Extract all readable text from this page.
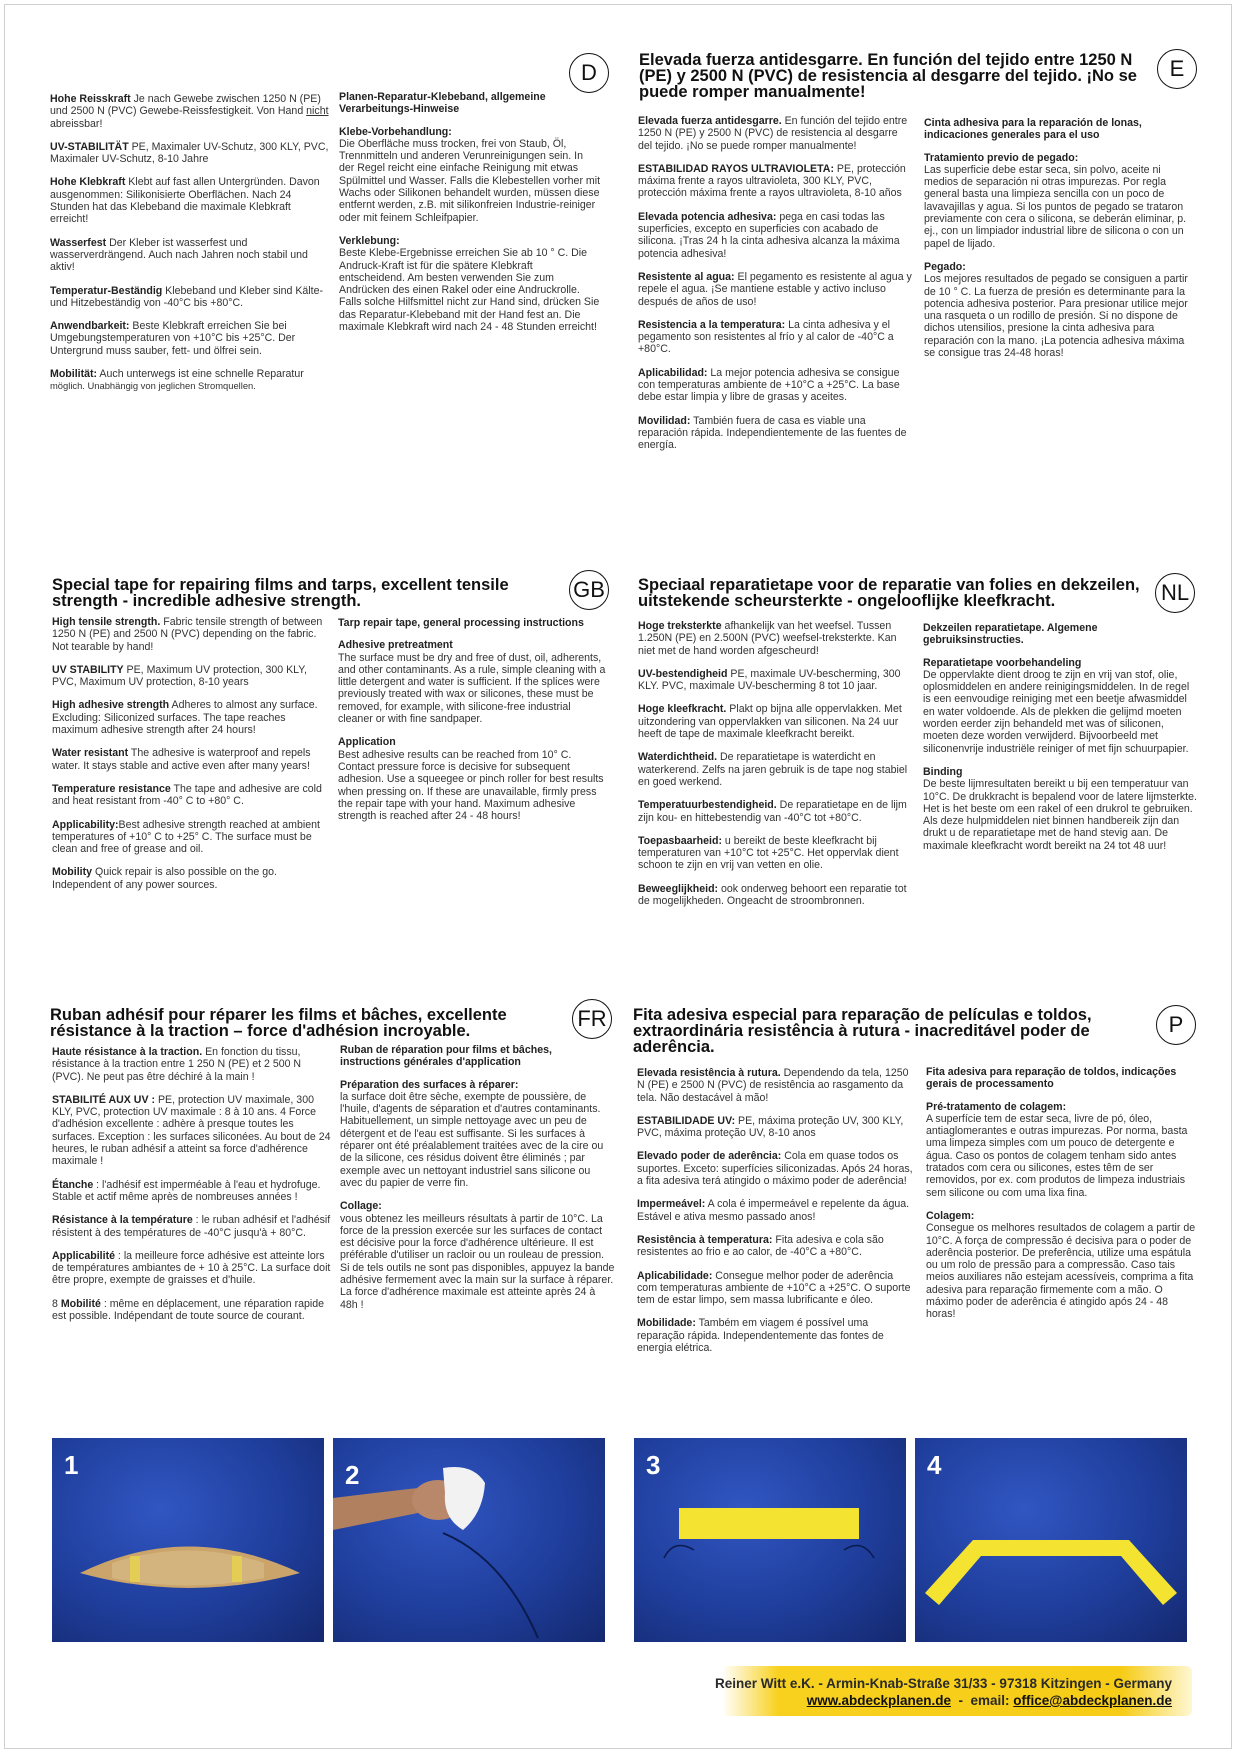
D

Hohe Reisskraft Je nach Gewebe zwischen 1250 N (PE) und 2500 N (PVC) Gewebe-Reissfestigkeit. Von Hand nicht abreissbar!

UV-STABILITÄT PE, Maximaler UV-Schutz, 300 KLY, PVC, Maximaler UV-Schutz, 8-10 Jahre

Hohe Klebkraft Klebt auf fast allen Untergründen. Davon ausgenommen: Silikonisierte Oberflächen. Nach 24 Stunden hat das Klebeband die maximale Klebkraft erreicht!

Wasserfest Der Kleber ist wasserfest und wasserverdrängend. Auch nach Jahren noch stabil und aktiv!

Temperatur-Beständig Klebeband und Kleber sind Kälte- und Hitzebeständig von -40°C bis +80°C.

Anwendbarkeit: Beste Klebkraft erreichen Sie bei Umgebungstemperaturen von +10°C bis +25°C. Der Untergrund muss sauber, fett- und ölfrei sein.

Mobilität: Auch unterwegs ist eine schnelle Reparatur
möglich. Unabhängig von jeglichen Stromquellen.

Planen-Reparatur-Klebeband, allgemeine Verarbeitungs-Hinweise
Klebe-Vorbehandlung:

Die Oberfläche muss trocken, frei von Staub, Öl, Trennmitteln und anderen Verunreinigungen sein. In der Regel reicht eine einfache Reinigung mit etwas Spülmittel und Wasser. Falls die Klebestellen vorher mit Wachs oder Silikonen behandelt wurden, müssen diese entfernt werden, z.B. mit silikonfreien Industrie-reiniger oder mit feinem Schleifpapier.

Verklebung:

Beste Klebe-Ergebnisse erreichen Sie ab 10 ° C. Die Andruck-Kraft ist für die spätere Klebkraft entscheidend. Am besten verwenden Sie zum Andrücken des einen Rakel oder eine Andruckrolle. Falls solche Hilfsmittel nicht zur Hand sind, drücken Sie das Reparatur-Klebeband mit der Hand fest an. Die maximale Klebkraft wird nach 24 - 48 Stunden erreicht!

Elevada fuerza antidesgarre. En función del tejido entre 1250 N (PE) y 2500 N (PVC) de resistencia al desgarre del tejido. ¡No se puede romper manualmente!
E

Elevada fuerza antidesgarre. En función del tejido entre 1250 N (PE) y 2500 N (PVC) de resistencia al desgarre del tejido. ¡No se puede romper manualmente!

ESTABILIDAD RAYOS ULTRAVIOLETA: PE, protección máxima frente a rayos ultravioleta, 300 KLY, PVC, protección máxima frente a rayos ultravioleta, 8-10 años

Elevada potencia adhesiva: pega en casi todas las superficies, excepto en superficies con acabado de silicona. ¡Tras 24 h la cinta adhesiva alcanza la máxima potencia adhesiva!

Resistente al agua: El pegamento es resistente al agua y repele el agua. ¡Se mantiene estable y activo incluso después de años de uso!

Resistencia a la temperatura: La cinta adhesiva y el pegamento son resistentes al frío y al calor de -40°C a +80°C.

Aplicabilidad: La mejor potencia adhesiva se consigue con temperaturas ambiente de +10°C a +25°C. La base debe estar limpia y libre de grasas y aceites.

Movilidad: También fuera de casa es viable una reparación rápida. Independientemente de las fuentes de energía.

Cinta adhesiva para la reparación de lonas, indicaciones generales para el uso
Tratamiento previo de pegado:

Las superficie debe estar seca, sin polvo, aceite ni medios de separación ni otras impurezas. Por regla general basta una limpieza sencilla con un poco de lavavajillas y agua. Si los puntos de pegado se trataron previamente con cera o silicona, se deberán eliminar, p. ej., con un limpiador industrial libre de silicona o con un papel de lijado.

Pegado:

Los mejores resultados de pegado se consiguen a partir de 10 ° C. La fuerza de presión es determinante para la potencia adhesiva posterior. Para presionar utilice mejor una rasqueta o un rodillo de presión. Si no dispone de dichos utensilios, presione la cinta adhesiva para reparación con la mano. ¡La potencia adhesiva máxima se consigue tras 24-48 horas!

Special tape for repairing films and tarps, excellent tensile strength - incredible adhesive strength.	GB

High tensile strength. Fabric tensile strength of between 1250 N (PE) and 2500 N (PVC) depending on the fabric. Not tearable by hand!

UV STABILITY PE, Maximum UV protection, 300 KLY, PVC, Maximum UV protection, 8-10 years

High adhesive strength Adheres to almost any surface. Excluding: Siliconized surfaces. The tape reaches maximum adhesive strength after 24 hours!

Water resistant The adhesive is waterproof and repels water. It stays stable and active even after many years!

Temperature resistance The tape and adhesive are cold and heat resistant from -40° C to +80° C.

Applicability:Best adhesive strength reached at ambient temperatures of +10° C to +25° C. The surface must be clean and free of grease and oil.

Mobility Quick repair is also possible on the go. Independent of any power sources.

Tarp repair tape, general processing instructions
Adhesive pretreatment

The surface must be dry and free of dust, oil, adherents, and other contaminants. As a rule, simple cleaning with a little detergent and water is sufficient. If the splices were previously treated with wax or silicones, these must be removed, for example, with silicone-free industrial cleaner or with fine sandpaper.

Application

Best adhesive results can be reached from 10° C. Contact pressure force is decisive for subsequent adhesion. Use a squeegee or pinch roller for best results when pressing on. If these are unavailable, firmly press the repair tape with your hand. Maximum adhesive strength is reached after 24 - 48 hours!

Speciaal reparatietape voor de reparatie van folies en dekzeilen, uitstekende scheursterkte - ongelooflijke kleefkracht.	NL

Hoge treksterkte afhankelijk van het weefsel. Tussen 1.250N (PE) en 2.500N (PVC) weefsel-treksterkte. Kan niet met de hand worden afgescheurd!

UV-bestendigheid PE, maximale UV-bescherming, 300 KLY. PVC, maximale UV-bescherming 8 tot 10 jaar.

Hoge kleefkracht. Plakt op bijna alle oppervlakken. Met uitzondering van oppervlakken van siliconen. Na 24 uur heeft de tape de maximale kleefkracht bereikt.

Waterdichtheid. De reparatietape is waterdicht en waterkerend. Zelfs na jaren gebruik is de tape nog stabiel en goed werkend.

Temperatuurbestendigheid. De reparatietape en de lijm zijn kou- en hittebestendig van -40°C tot +80°C.

Toepasbaarheid: u bereikt de beste kleefkracht bij temperaturen van +10°C tot +25°C. Het oppervlak dient schoon te zijn en vrij van vetten en olie.

Beweeglijkheid: ook onderweg behoort een reparatie tot de mogelijkheden. Ongeacht de stroombronnen.

Dekzeilen reparatietape. Algemene gebruiksinstructies.
Reparatietape voorbehandeling

De oppervlakte dient droog te zijn en vrij van stof, olie, oplosmiddelen en andere reinigingsmiddelen. In de regel is een eenvoudige reiniging met een beetje afwasmiddel en water voldoende. Als de plekken die gelijmd moeten worden eerder zijn behandeld met was of siliconen, moeten deze worden verwijderd. Bijvoorbeeld met siliconenvrije industriële reiniger of met fijn schuurpapier.

Binding

De beste lijmresultaten bereikt u bij een temperatuur van 10°C. De drukkracht is bepalend voor de latere lijmsterkte. Het is het beste om een rakel of een drukrol te gebruiken. Als deze hulpmiddelen niet binnen handbereik zijn dan drukt u de reparatietape met de hand stevig aan. De maximale kleefkracht wordt bereikt na 24 tot 48 uur!

Ruban adhésif pour réparer les films et bâches, excellente résistance à la traction – force d'adhésion incroyable.	FR

Haute résistance à la traction. En fonction du tissu, résistance à la traction entre 1 250 N (PE) et 2 500 N (PVC). Ne peut pas être déchiré à la main !

STABILITÉ AUX UV : PE, protection UV maximale, 300 KLY, PVC, protection UV maximale : 8 à 10 ans. 4 Force d'adhésion excellente : adhère à presque toutes les surfaces. Exception : les surfaces siliconées. Au bout de 24 heures, le ruban adhésif a atteint sa force d'adhérence maximale !

Étanche : l'adhésif est imperméable à l'eau et hydrofuge. Stable et actif même après de nombreuses années !

Résistance à la température : le ruban adhésif et l'adhésif résistent à des températures de -40°C jusqu'à + 80°C.

Applicabilité : la meilleure force adhésive est atteinte lors de températures ambiantes de + 10 à 25°C. La surface doit être propre, exempte de graisses et d'huile.

8 Mobilité : même en déplacement, une réparation rapide est possible. Indépendant de toute source de courant.

Ruban de réparation pour films et bâches, instructions générales d'application
Préparation des surfaces à réparer:

la surface doit être sèche, exempte de poussière, de l'huile, d'agents de séparation et d'autres contaminants. Habituellement, un simple nettoyage avec un peu de détergent et de l'eau est suffisante. Si les surfaces à réparer ont été préalablement traitées avec de la cire ou de la silicone, ces résidus doivent être éliminés ; par exemple avec un nettoyant industriel sans silicone ou avec du papier de verre fin.

Collage:

vous obtenez les meilleurs résultats à partir de 10°C. La force de la pression exercée sur les surfaces de contact est décisive pour la force d'adhérence ultérieure. Il est préférable d'utiliser un racloir ou un rouleau de pression. Si de tels outils ne sont pas disponibles, appuyez la bande adhésive fermement avec la main sur la surface à réparer. La force d'adhérence maximale est atteinte après 24 à 48h !

Fita adesiva especial para reparação de películas e toldos, extraordinária resistência à rutura - inacreditável poder de aderência.
P

Elevada resistência à rutura. Dependendo da tela, 1250 N (PE) e 2500 N (PVC) de resistência ao rasgamento da tela. Não destacável à mão!

ESTABILIDADE UV: PE, máxima proteção UV, 300 KLY, PVC, máxima proteção UV, 8-10 anos

Elevado poder de aderência: Cola em quase todos os suportes. Exceto: superfícies siliconizadas. Após 24 horas, a fita adesiva terá atingido o máximo poder de aderência!

Impermeável: A cola é impermeável e repelente da água. Estável e ativa mesmo passado anos!

Resistência à temperatura: Fita adesiva e cola são resistentes ao frio e ao calor, de -40°C a +80°C.

Aplicabilidade: Consegue melhor poder de aderência com temperaturas ambiente de +10°C a +25°C. O suporte tem de estar limpo, sem massa lubrificante e óleo.

Mobilidade: Também em viagem é possível uma reparação rápida. Independentemente das fontes de energia elétrica.

Fita adesiva para reparação de toldos, indicações gerais de processamento
Pré-tratamento de colagem:

A superfície tem de estar seca, livre de pó, óleo, antiaglomerantes e outras impurezas. Por norma, basta uma limpeza simples com um pouco de detergente e água. Caso os pontos de colagem tenham sido antes tratados com cera ou silicones, estes têm de ser removidos, por ex. com produtos de limpeza industriais sem silicone ou com uma lixa fina.

Colagem:

Consegue os melhores resultados de colagem a partir de 10°C. A força de compressão é decisiva para o poder de aderência posterior. De preferência, utilize uma espátula ou um rolo de pressão para a compressão. Caso tais meios auxiliares não estejam acessíveis, comprima a fita adesiva para reparação firmemente com a mão. O máximo poder de aderência é atingido após 24 - 48 horas!

1	2	3	4
Reiner Witt e.K. - Armin-Knab-Straße 31/33 - 97318 Kitzingen - Germany
www.abdeckplanen.de  -  email: office@abdeckplanen.de
